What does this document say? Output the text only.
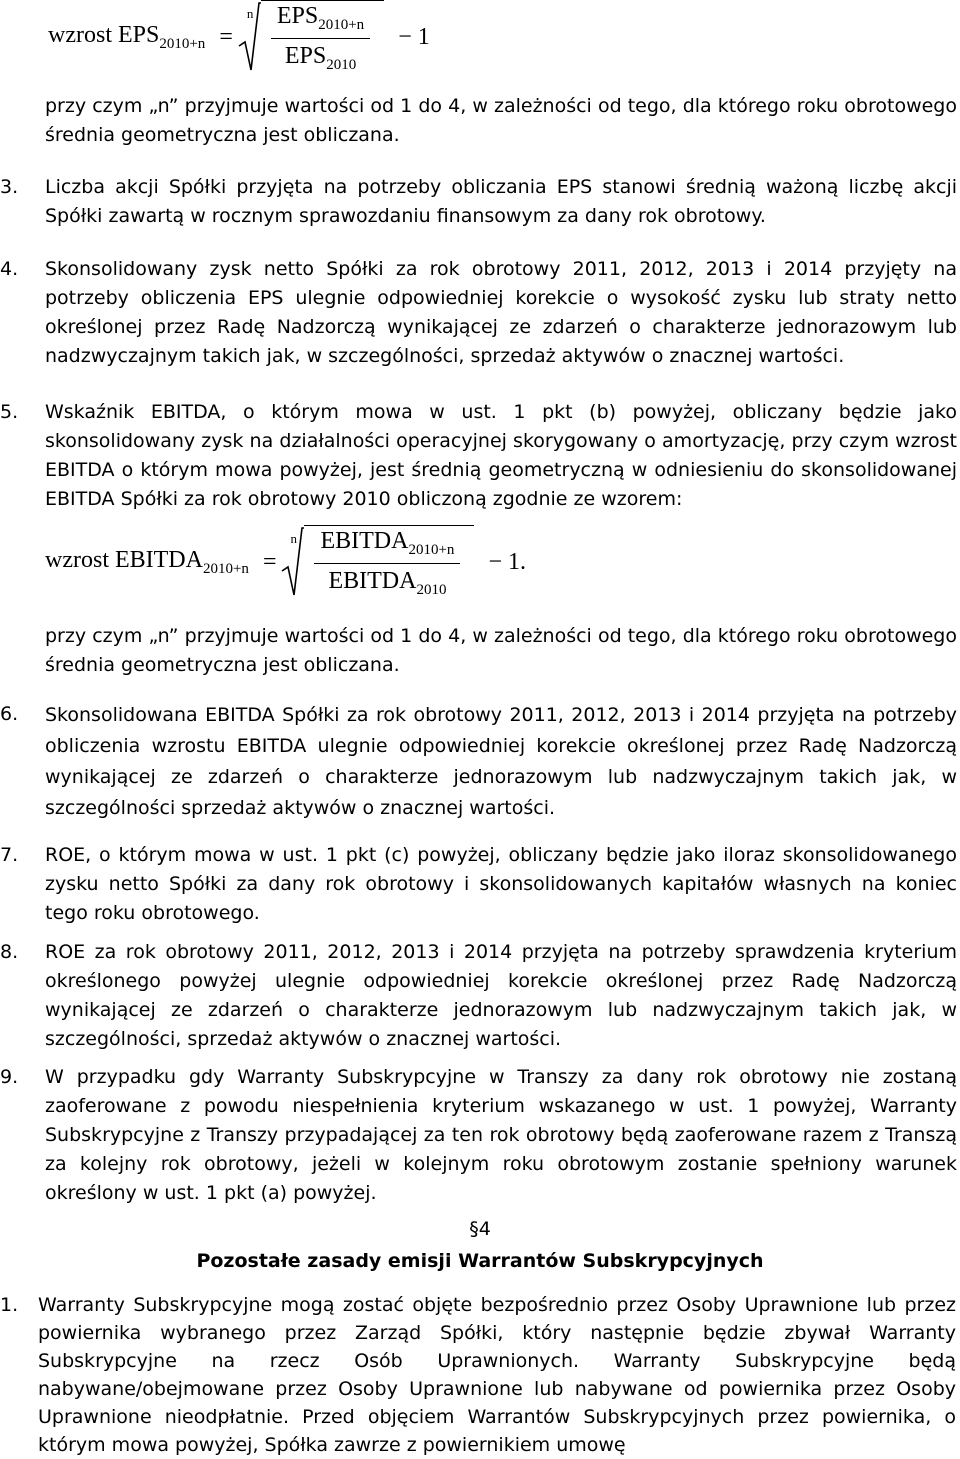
wzrost $EPS_{2010+n}$ =
n $\frac{EPS_{2010+n}}{EPS_{2010}} - 1$
przy czym „n” przyjmuje wartości od 1 do 4, w zależności od tego, dla którego roku obrotowego średnia geometryczna jest obliczana.
3. Liczba akcji Spółki przyjęta na potrzeby obliczania EPS stanowi średnią ważoną liczbę akcji Spółki zawartą w rocznym sprawozdaniu finansowym za dany rok obrotowy.
4. Skonsolidowany zysk netto Spółki za rok obrotowy 2011, 2012, 2013 i 2014 przyjęty na potrzeby obliczenia EPS ulegnie odpowiedniej korekcie o wysokość zysku lub straty netto określonej przez Radę Nadzorczą wynikającej ze zdarzeń o charakterze jednorazowym lub nadzwyczajnym takich jak, w szczególności, sprzedaż aktywów o znacznej wartości.
5. Wskaźnik EBITDA, o którym mowa w ust. 1 pkt (b) powyżej, obliczany będzie jako skonsolidowany zysk na działalności operacyjnej skorygowany o amortyzację, przy czym wzrost EBITDA o którym mowa powyżej, jest średnią geometryczną w odniesieniu do skonsolidowanej EBITDA Spółki za rok obrotowy 2010 obliczoną zgodnie ze wzorem:
wzrost $EBITDA_{2010+n}$ =
n $\frac{EBITDA_{2010+n}}{EBITDA_{2010}} - 1$.
przy czym „n” przyjmuje wartości od 1 do 4, w zależności od tego, dla którego roku obrotowego średnia geometryczna jest obliczana.
6. Skonsolidowana EBITDA Spółki za rok obrotowy 2011, 2012, 2013 i 2014 przyjęta na potrzeby obliczenia wzrostu EBITDA ulegnie odpowiedniej korekcie określonej przez Radę Nadzorczą wynikającej ze zdarzeń o charakterze jednorazowym lub nadzwyczajnym takich jak, w szczególności sprzedaż aktywów o znacznej wartości.
7. ROE, o którym mowa w ust. 1 pkt (c) powyżej, obliczany będzie jako iloraz skonsolidowanego zysku netto Spółki za dany rok obrotowy i skonsolidowanych kapitałów własnych na koniec tego roku obrotowego.
8. ROE za rok obrotowy 2011, 2012, 2013 i 2014 przyjęta na potrzeby sprawdzenia kryterium określonego powyżej ulegnie odpowiedniej korekcie określonej przez Radę Nadzorczą wynikającej ze zdarzeń o charakterze jednorazowym lub nadzwyczajnym takich jak, w szczególności, sprzedaż aktywów o znacznej wartości.
9. W przypadku gdy Warranty Subskrypcyjne w Transzy za dany rok obrotowy nie zostaną zaoferowane z powodu niespełnienia kryterium wskazanego w ust. 1 powyżej, Warranty Subskrypcyjne z Transzy przypadającej za ten rok obrotowy będą zaoferowane razem z Transzą za kolejny rok obrotowy, jeżeli w kolejnym roku obrotowym zostanie spełniony warunek określony w ust. 1 pkt (a) powyżej.
§4
Pozostałe zasady emisji Warrantów Subskrypcyjnych
1. Warranty Subskrypcyjne mogą zostać objęte bezpośrednio przez Osoby Uprawnione lub przez powiernika wybranego przez Zarząd Spółki, który następnie będzie zbywał Warranty Subskrypcyjne na rzecz Osób Uprawnionych. Warranty Subskrypcyjne będą nabywane/obejmowane przez Osoby Uprawnione lub nabywane od powiernika przez Osoby Uprawnione nieodpłatnie. Przed objęciem Warrantów Subskrypcyjnych przez powiernika, o którym mowa powyżej, Spółka zawrze z powiernikiem umowę
